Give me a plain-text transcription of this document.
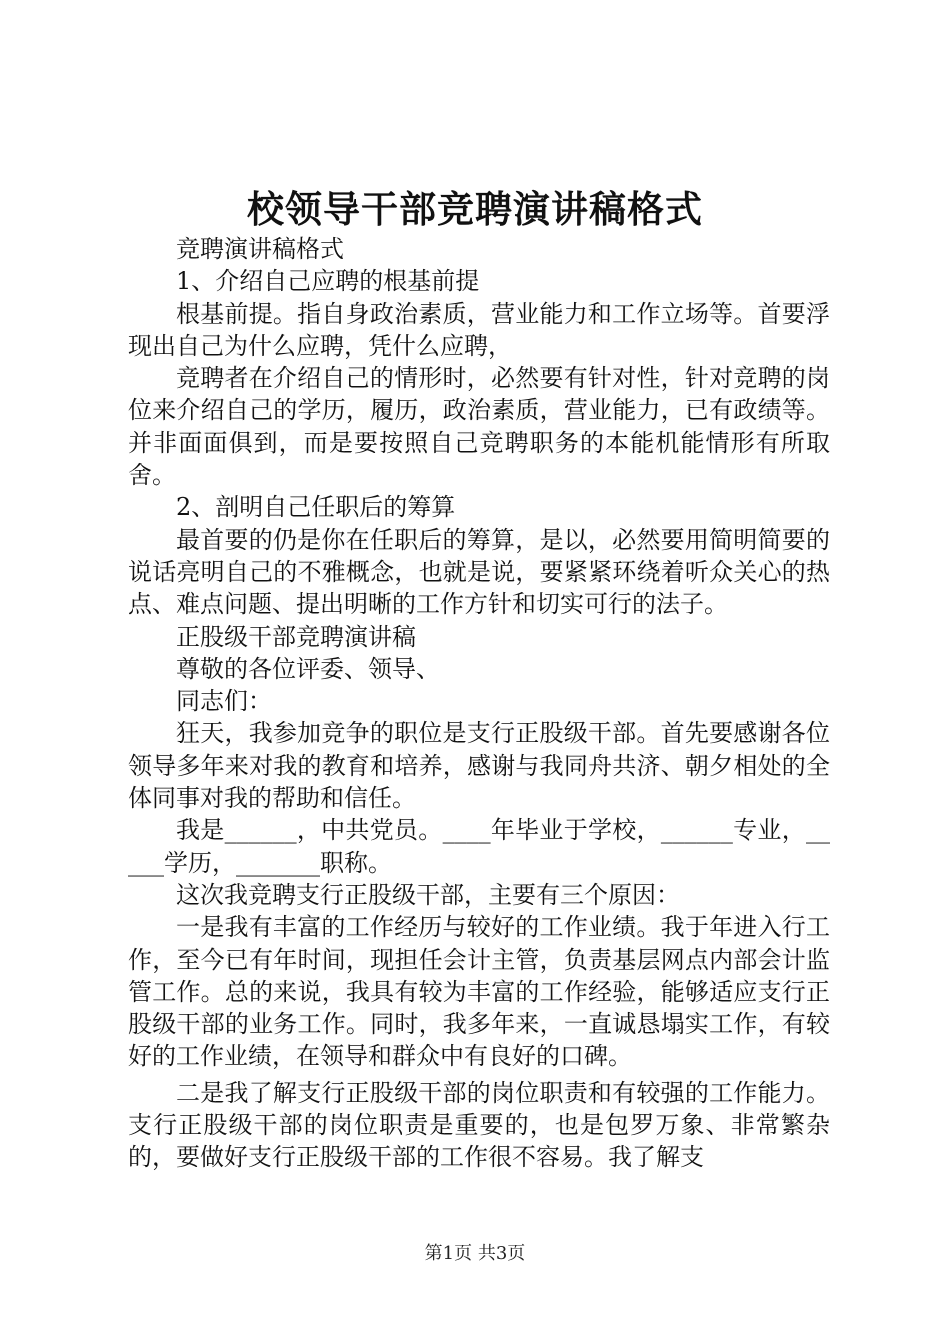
校领导干部竞聘演讲稿格式

竞聘演讲稿格式

1、介绍自己应聘的根基前提

根基前提。指自身政治素质，营业能力和工作立场等。首要浮现出自己为什么应聘，凭什么应聘，

竞聘者在介绍自己的情形时，必然要有针对性，针对竞聘的岗位来介绍自己的学历，履历，政治素质，营业能力，已有政绩等。并非面面俱到，而是要按照自己竞聘职务的本能机能情形有所取舍。

2、剖明自己任职后的筹算

最首要的仍是你在任职后的筹算，是以，必然要用简明简要的说话亮明自己的不雅概念，也就是说，要紧紧环绕着听众关心的热点、难点问题、提出明晰的工作方针和切实可行的法子。

正股级干部竞聘演讲稿

尊敬的各位评委、领导、

同志们：

狂天，我参加竞争的职位是支行正股级干部。首先要感谢各位领导多年来对我的教育和培养，感谢与我同舟共济、朝夕相处的全体同事对我的帮助和信任。

我是______，中共党员。____年毕业于学校，______专业，_____学历，_______职称。

这次我竞聘支行正股级干部，主要有三个原因：

一是我有丰富的工作经历与较好的工作业绩。我于年进入行工作，至今已有年时间，现担任会计主管，负责基层网点内部会计监管工作。总的来说，我具有较为丰富的工作经验，能够适应支行正股级干部的业务工作。同时，我多年来，一直诚恳塌实工作，有较好的工作业绩，在领导和群众中有良好的口碑。

二是我了解支行正股级干部的岗位职责和有较强的工作能力。支行正股级干部的岗位职责是重要的，也是包罗万象、非常繁杂的，要做好支行正股级干部的工作很不容易。我了解支

第1页 共3页
